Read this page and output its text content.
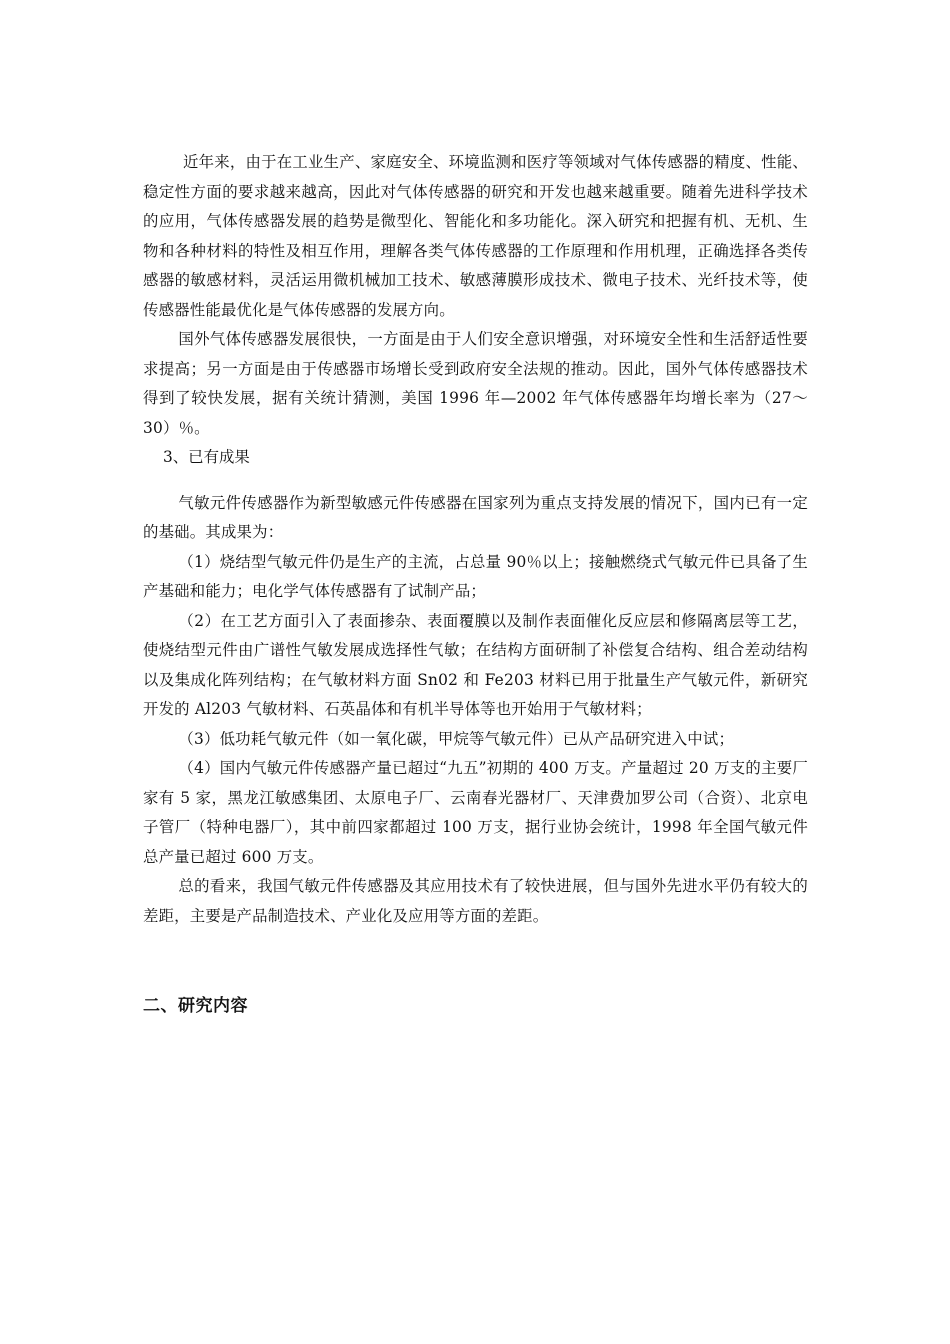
近年来，由于在工业生产、家庭安全、环境监测和医疗等领域对气体传感器的精度、性能、稳定性方面的要求越来越高，因此对气体传感器的研究和开发也越来越重要。随着先进科学技术的应用，气体传感器发展的趋势是微型化、智能化和多功能化。深入研究和把握有机、无机、生物和各种材料的特性及相互作用，理解各类气体传感器的工作原理和作用机理，正确选择各类传感器的敏感材料，灵活运用微机械加工技术、敏感薄膜形成技术、微电子技术、光纤技术等，使传感器性能最优化是气体传感器的发展方向。

国外气体传感器发展很快，一方面是由于人们安全意识增强，对环境安全性和生活舒适性要求提高；另一方面是由于传感器市场增长受到政府安全法规的推动。因此，国外气体传感器技术得到了较快发展，据有关统计猜测，美国 1996 年—2002 年气体传感器年均增长率为（27～30）％。

3、已有成果

气敏元件传感器作为新型敏感元件传感器在国家列为重点支持发展的情况下，国内已有一定的基础。其成果为：

（1）烧结型气敏元件仍是生产的主流，占总量 90％以上；接触燃绕式气敏元件已具备了生产基础和能力；电化学气体传感器有了试制产品；

（2）在工艺方面引入了表面掺杂、表面覆膜以及制作表面催化反应层和修隔离层等工艺，使烧结型元件由广谱性气敏发展成选择性气敏；在结构方面研制了补偿复合结构、组合差动结构以及集成化阵列结构；在气敏材料方面 Sn02 和 Fe203 材料已用于批量生产气敏元件，新研究开发的 Al203 气敏材料、石英晶体和有机半导体等也开始用于气敏材料；

（3）低功耗气敏元件（如一氧化碳，甲烷等气敏元件）已从产品研究进入中试；

（4）国内气敏元件传感器产量已超过“九五”初期的 400 万支。产量超过 20 万支的主要厂家有 5 家，黑龙江敏感集团、太原电子厂、云南春光器材厂、天津费加罗公司（合资）、北京电子管厂（特种电器厂），其中前四家都超过 100 万支，据行业协会统计，1998 年全国气敏元件总产量已超过 600 万支。

总的看来，我国气敏元件传感器及其应用技术有了较快进展，但与国外先进水平仍有较大的差距，主要是产品制造技术、产业化及应用等方面的差距。

二、研究内容
